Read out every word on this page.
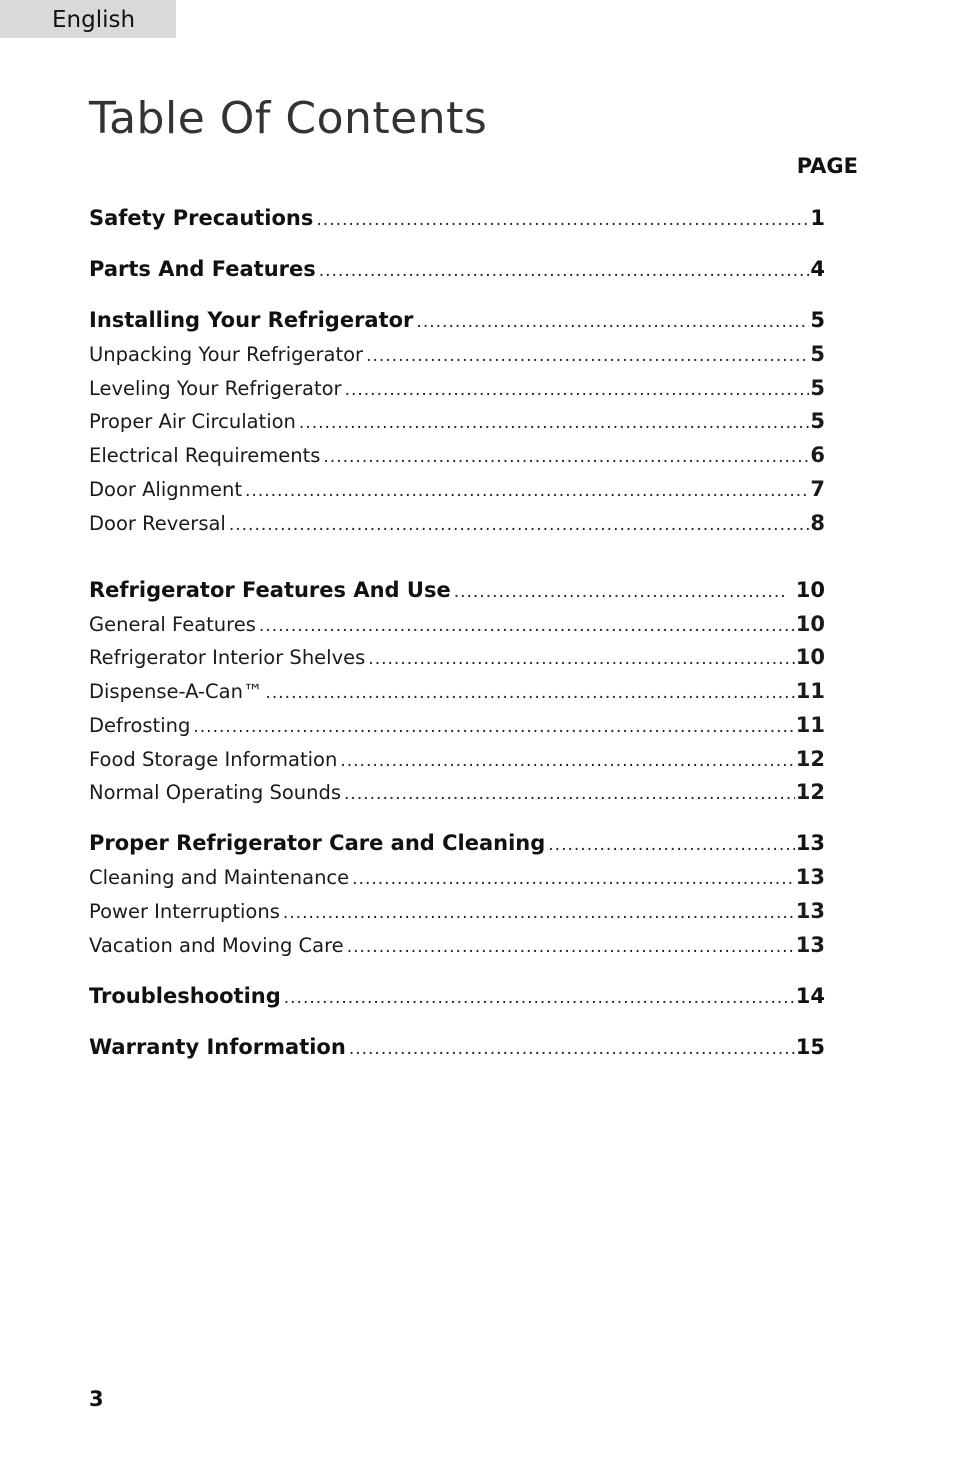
English
Table Of Contents
PAGE
Safety Precautions .....	1
Parts And Features .....	4
Installing Your Refrigerator .....	5
Unpacking Your Refrigerator .....	5
Leveling Your Refrigerator .....	5
Proper Air Circulation .....	5
Electrical Requirements .....	6
Door Alignment .....	7
Door Reversal .....	8
Refrigerator Features And Use .....	10
General Features .....	10
Refrigerator Interior Shelves .....	10
Dispense-A-Can™ .....	11
Defrosting .....	11
Food Storage Information .....	12
Normal Operating Sounds .....	12
Proper Refrigerator Care and Cleaning .....	13
Cleaning and Maintenance .....	13
Power Interruptions .....	13
Vacation and Moving Care .....	13
Troubleshooting .....	14
Warranty Information .....	15
3
